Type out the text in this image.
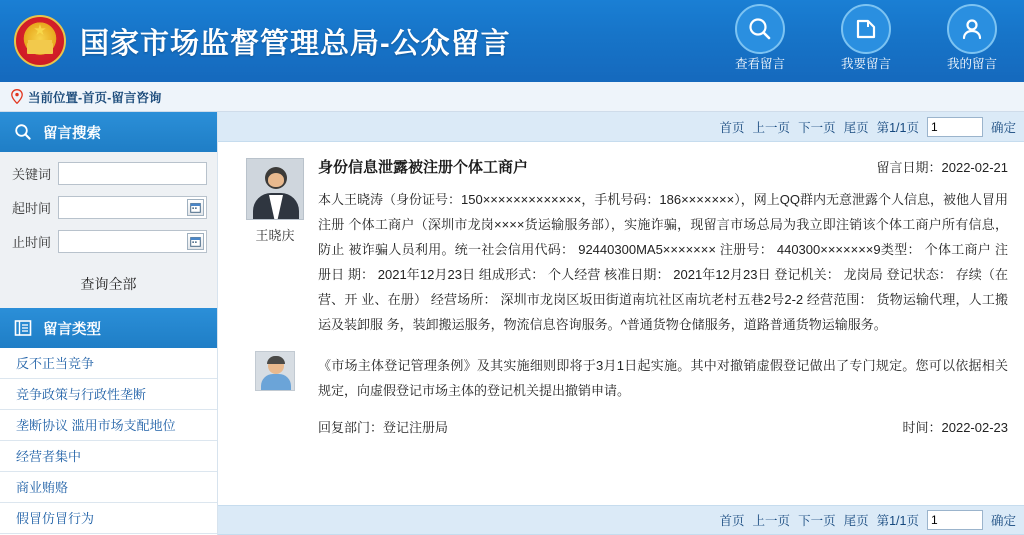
★
国家市场监督管理总局-公众留言
查看留言	我要留言	我的留言
当前位置-首页-留言咨询
留言搜索
关键词
起时间
止时间
查询全部
留言类型
反不正当竞争
竞争政策与行政性垄断
垄断协议 滥用市场支配地位
经营者集中
商业贿赂
假冒仿冒行为
首页 上一页 下一页 尾页 第1/1页
1	确定
王晓庆
身份信息泄露被注册个体工商户	留言日期：2022-02-21
本人王晓涛（身份证号：150×××××××××××××，手机号码：186×××××××），网上QQ群内无意泄露个人信息，被他人冒用注册 个体工商户（深圳市龙岗××××货运输服务部），实施诈骗，现留言市场总局为我立即注销该个体工商户所有信息，防止 被诈骗人员利用。统一社会信用代码： 92440300MA5××××××× 注册号： 440300×××××××9类型： 个体工商户 注册日 期： 2021年12月23日 组成形式： 个人经营 核准日期： 2021年12月23日 登记机关： 龙岗局 登记状态： 存续（在营、开 业、在册） 经营场所： 深圳市龙岗区坂田街道南坑社区南坑老村五巷2号2-2 经营范围： 货物运输代理，人工搬运及装卸服 务，装卸搬运服务，物流信息咨询服务。^普通货物仓储服务，道路普通货物运输服务。
《市场主体登记管理条例》及其实施细则即将于3月1日起实施。其中对撤销虚假登记做出了专门规定。您可以依据相关规定，向虚假登记市场主体的登记机关提出撤销申请。
回复部门：登记注册局	时间：2022-02-23
首页 上一页 下一页 尾页 第1/1页
1	确定
